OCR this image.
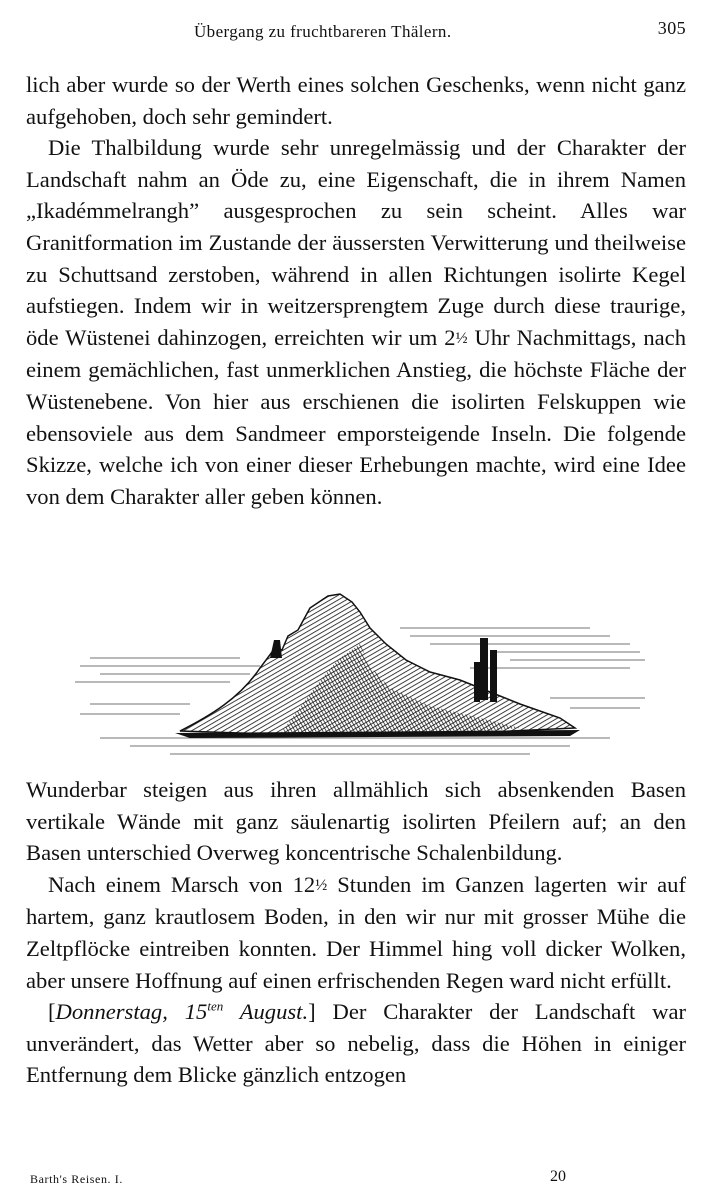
Übergang zu fruchtbareren Thälern.	305

lich aber wurde so der Werth eines solchen Geschenks, wenn nicht ganz aufgehoben, doch sehr gemindert.

Die Thalbildung wurde sehr unregelmässig und der Charakter der Landschaft nahm an Öde zu, eine Eigenschaft, die in ihrem Namen „Ikadémmelrangh” ausgesprochen zu sein scheint. Alles war Granitformation im Zustande der äussersten Verwitterung und theilweise zu Schuttsand zerstoben, während in allen Richtungen isolirte Kegel aufstiegen. Indem wir in weitzersprengtem Zuge durch diese traurige, öde Wüstenei dahinzogen, erreichten wir um 2½ Uhr Nachmittags, nach einem gemächlichen, fast unmerklichen Anstieg, die höchste Fläche der Wüstenebene. Von hier aus erschienen die isolirten Felskuppen wie ebensoviele aus dem Sandmeer emporsteigende Inseln. Die folgende Skizze, welche ich von einer dieser Erhebungen machte, wird eine Idee von dem Charakter aller geben können.

Wunderbar steigen aus ihren allmählich sich absenkenden Basen vertikale Wände mit ganz säulenartig isolirten Pfeilern auf; an den Basen unterschied Overweg koncentrische Schalenbildung.

Nach einem Marsch von 12½ Stunden im Ganzen lagerten wir auf hartem, ganz krautlosem Boden, in den wir nur mit grosser Mühe die Zeltpflöcke eintreiben konnten. Der Himmel hing voll dicker Wolken, aber unsere Hoffnung auf einen erfrischenden Regen ward nicht erfüllt.

[Donnerstag, $15^{ten}$ August.] Der Charakter der Landschaft war unverändert, das Wetter aber so nebelig, dass die Höhen in einiger Entfernung dem Blicke gänzlich entzogen

Barth's Reisen. I.	20
